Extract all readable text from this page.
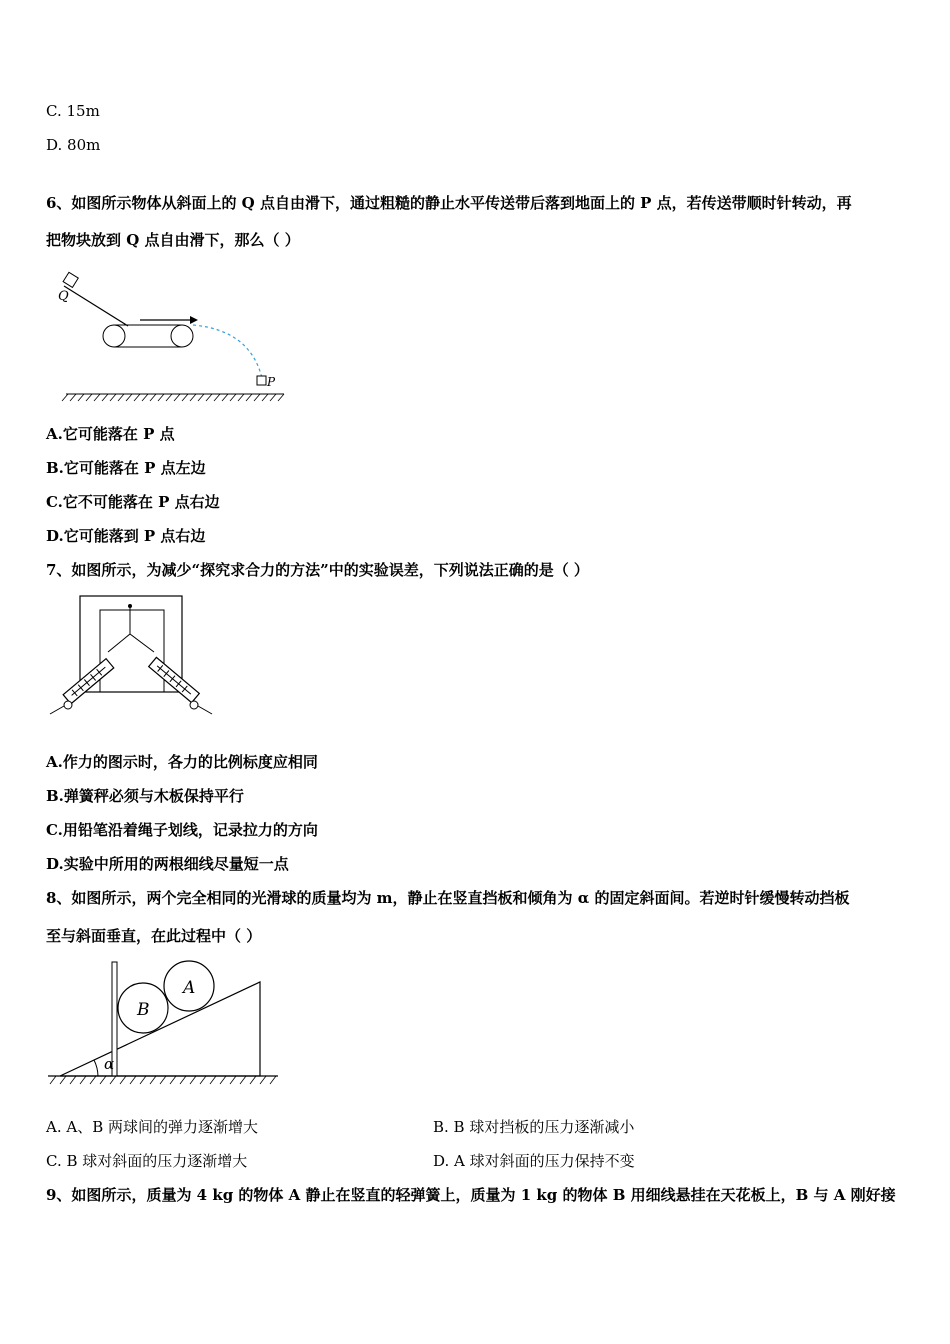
C. 15m
D. 80m
6、如图所示物体从斜面上的 Q 点自由滑下，通过粗糙的静止水平传送带后落到地面上的 P 点，若传送带顺时针转动，再
把物块放到 Q 点自由滑下，那么（ ）
Q
P
A.它可能落在 P 点
B.它可能落在 P 点左边
C.它不可能落在 P 点右边
D.它可能落到 P 点右边
7、如图所示，为减少“探究求合力的方法”中的实验误差，下列说法正确的是（ ）
A.作力的图示时，各力的比例标度应相同
B.弹簧秤必须与木板保持平行
C.用铅笔沿着绳子划线，记录拉力的方向
D.实验中所用的两根细线尽量短一点
8、如图所示，两个完全相同的光滑球的质量均为 m，静止在竖直挡板和倾角为 α 的固定斜面间。若逆时针缓慢转动挡板
至与斜面垂直，在此过程中（ ）
B
A
α
A. A、B 两球间的弹力逐渐增大	B. B 球对挡板的压力逐渐减小
C. B 球对斜面的压力逐渐增大	D. A 球对斜面的压力保持不变
9、如图所示，质量为 4 kg 的物体 A 静止在竖直的轻弹簧上，质量为 1 kg 的物体 B 用细线悬挂在天花板上，B 与 A 刚好接
